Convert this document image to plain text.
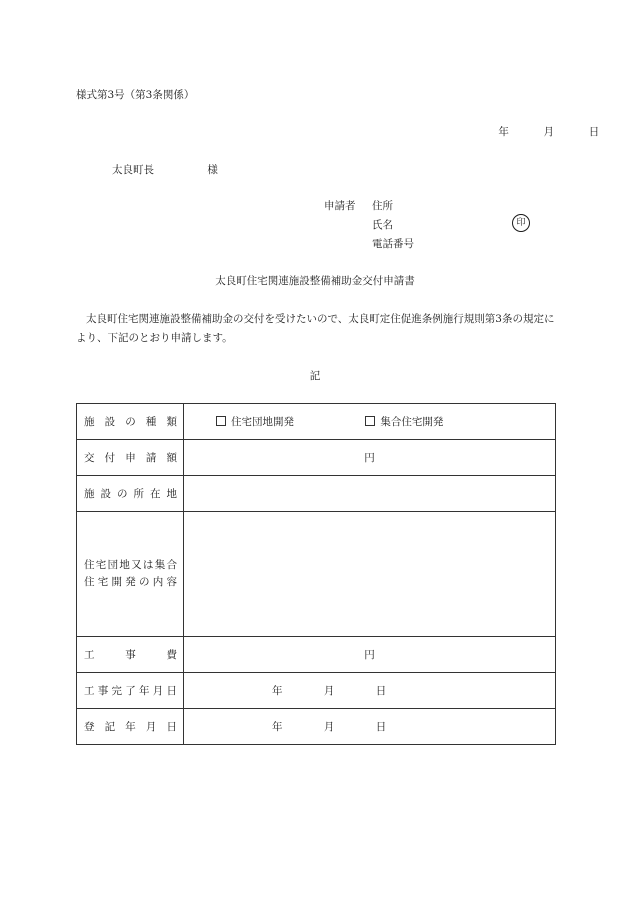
様式第3号（第3条関係）
年	月	日
太良町長	様
申請者 住所
氏名	印
電話番号
太良町住宅関連施設整備補助金交付申請書
太良町住宅関連施設整備補助金の交付を受けたいので、太良町定住促進条例施行規則第3条の規定により、下記のとおり申請します。
記
施設の種類	住宅団地開発 集合住宅開発
交付申請額	円
施設の所在地	

住宅団地又は集合
住宅開発の内容	

工事費	円
工事完了年月日	年 月 日
登記年月日	年 月 日
